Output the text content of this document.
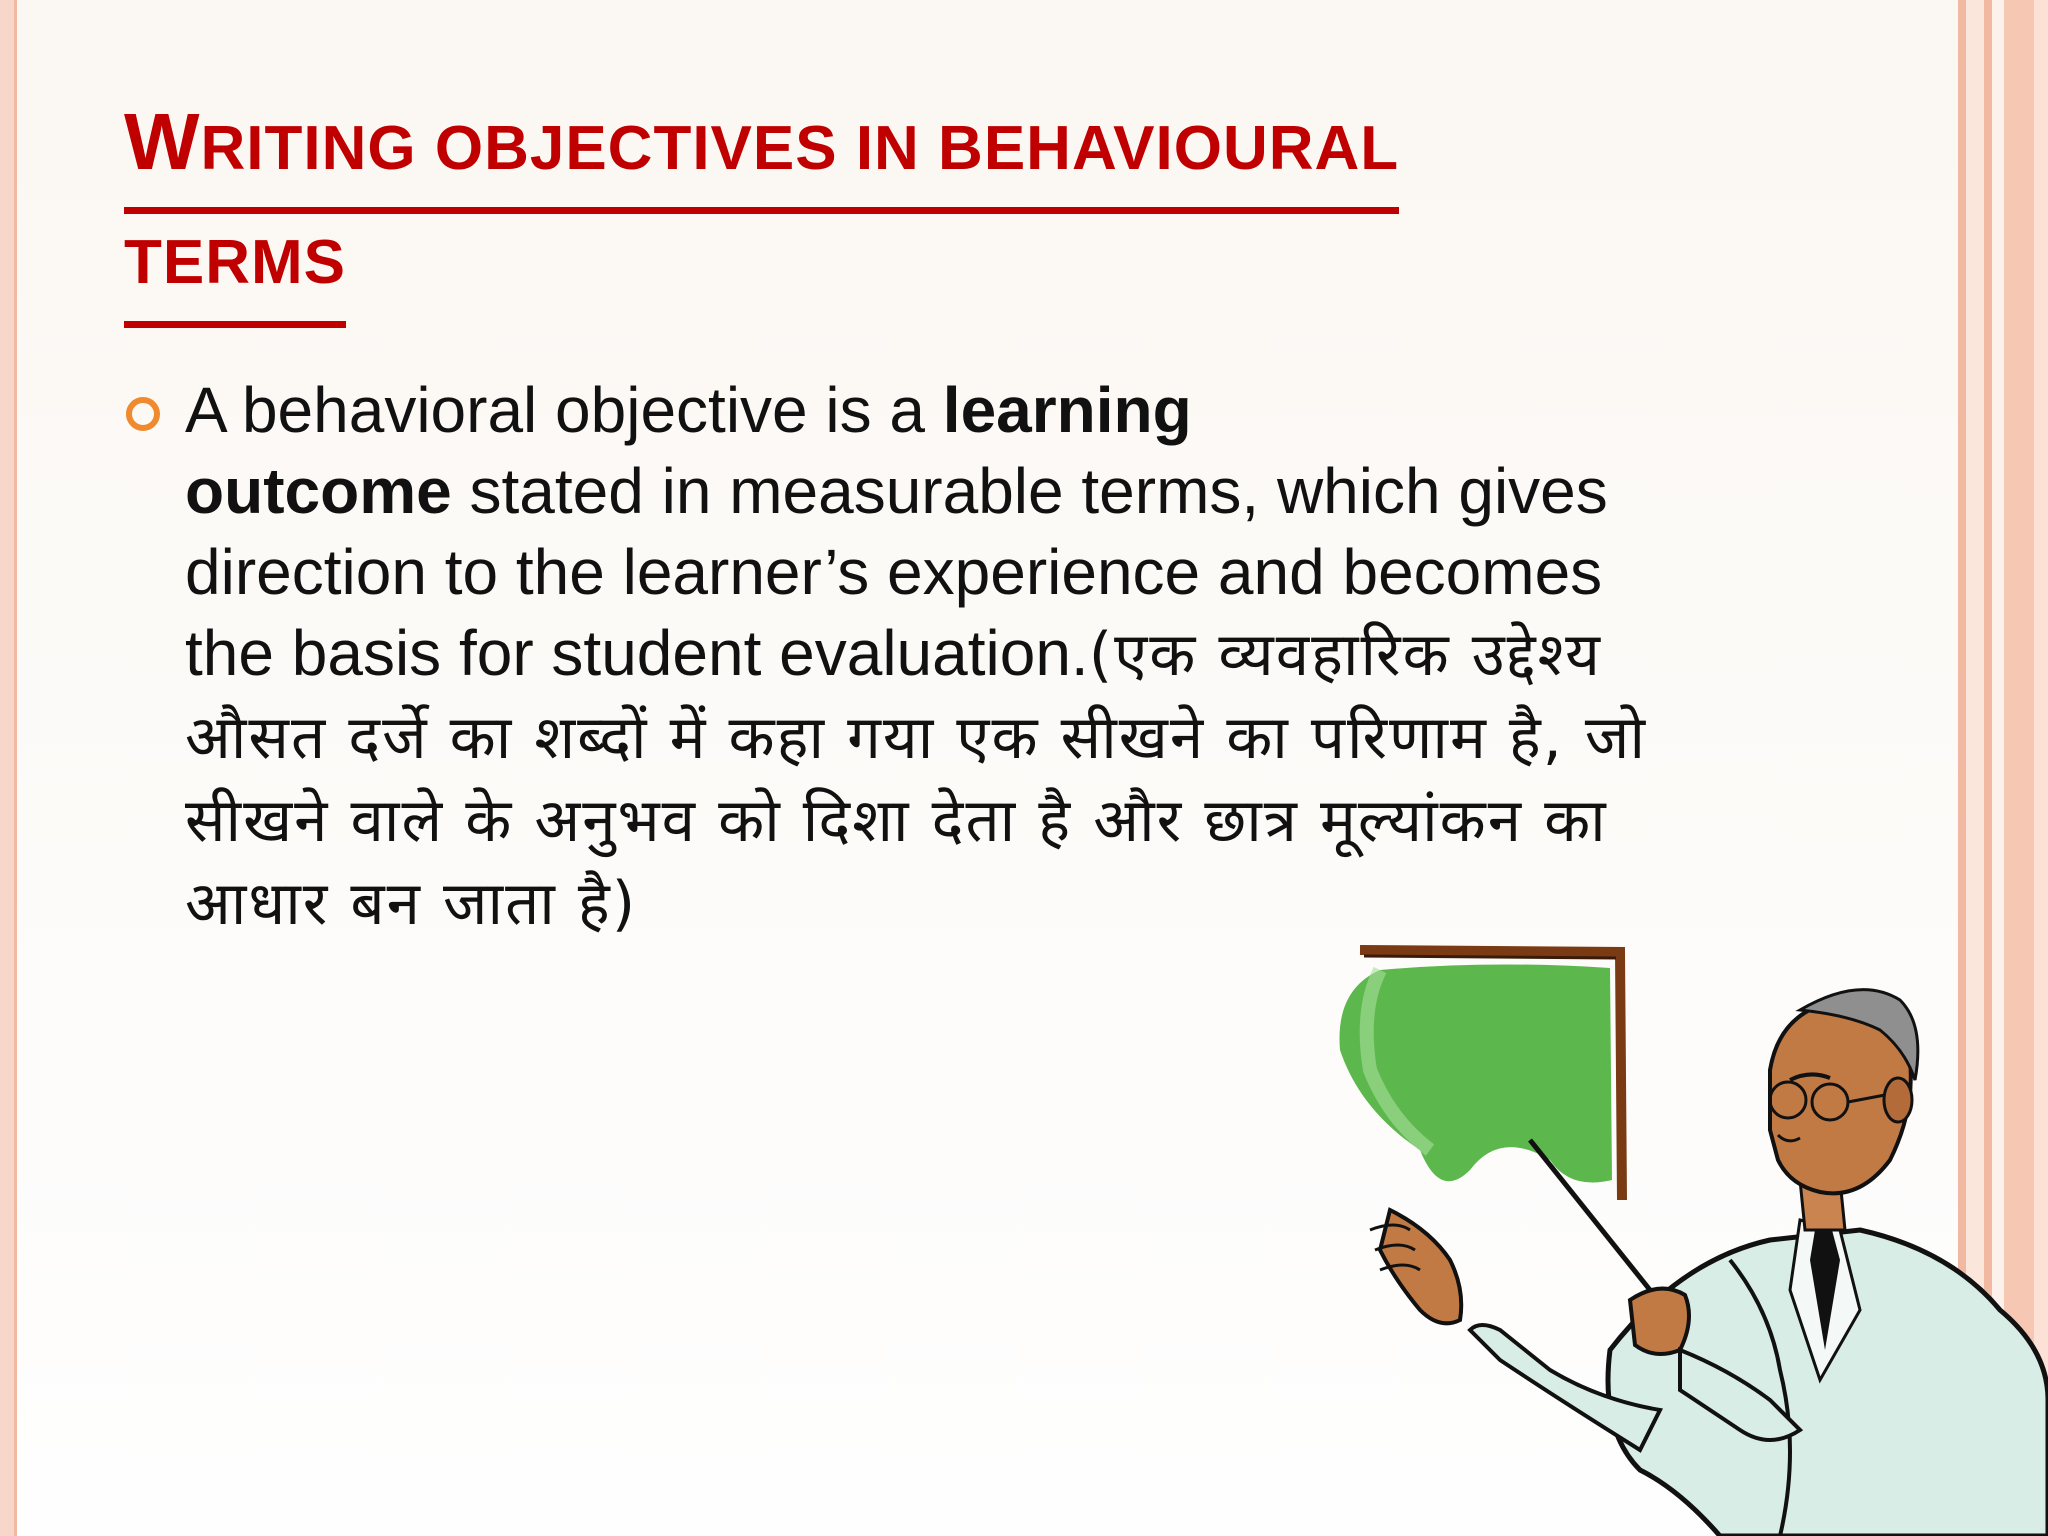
WRITING OBJECTIVES IN BEHAVIOURAL
TERMS
A behavioral objective is a learning
outcome stated in measurable terms, which gives direction to the learner’s experience and becomes the basis for student evaluation.(एक व्यवहारिक उद्देश्य औसत दर्जे का शब्दों में कहा गया एक सीखने का परिणाम है, जो सीखने वाले के अनुभव को दिशा देता है और छात्र मूल्यांकन का आधार बन जाता है)
